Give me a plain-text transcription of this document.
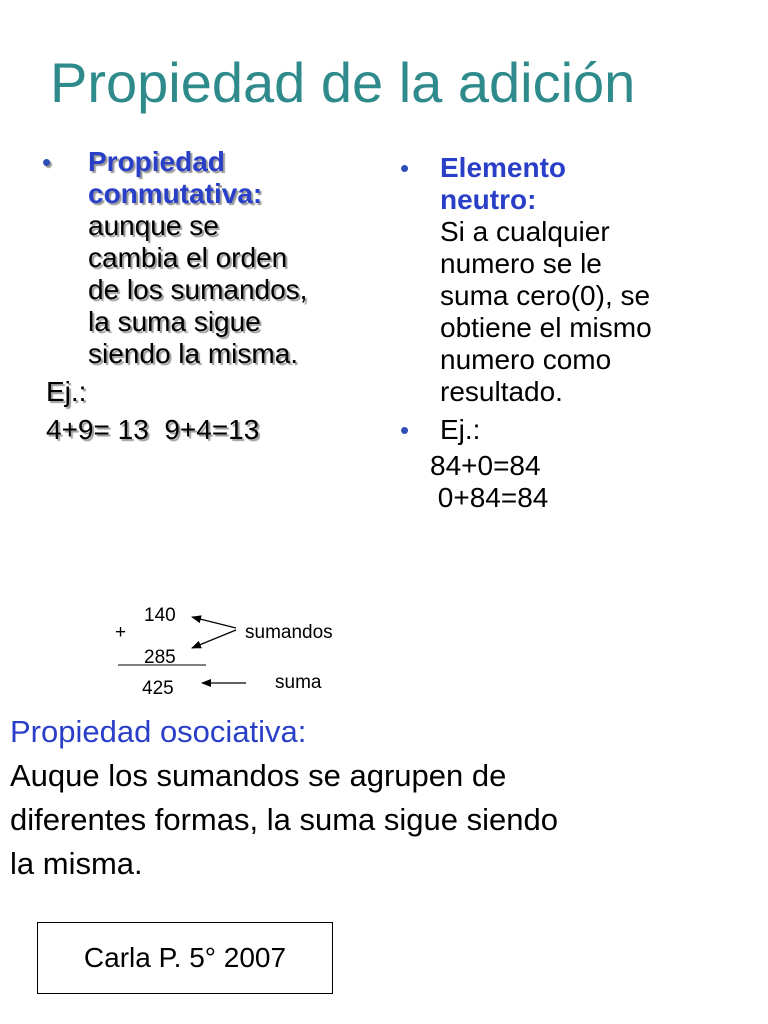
Propiedad de la adición
• Propiedad conmutativa:
aunque se
cambia el orden
de los sumandos,
la suma sigue
siendo la misma.
Ej.:
4+9= 13  9+4=13
• Elemento
neutro:
Si a cualquier
numero se le
suma cero(0), se
obtiene el mismo
numero como
resultado.
• Ej.:
84+0=84
0+84=84
+
140
285
425
sumandos
suma
Propiedad osociativa:
Auque los sumandos se agrupen de
diferentes formas, la suma sigue siendo
la misma.
Carla P. 5° 2007
